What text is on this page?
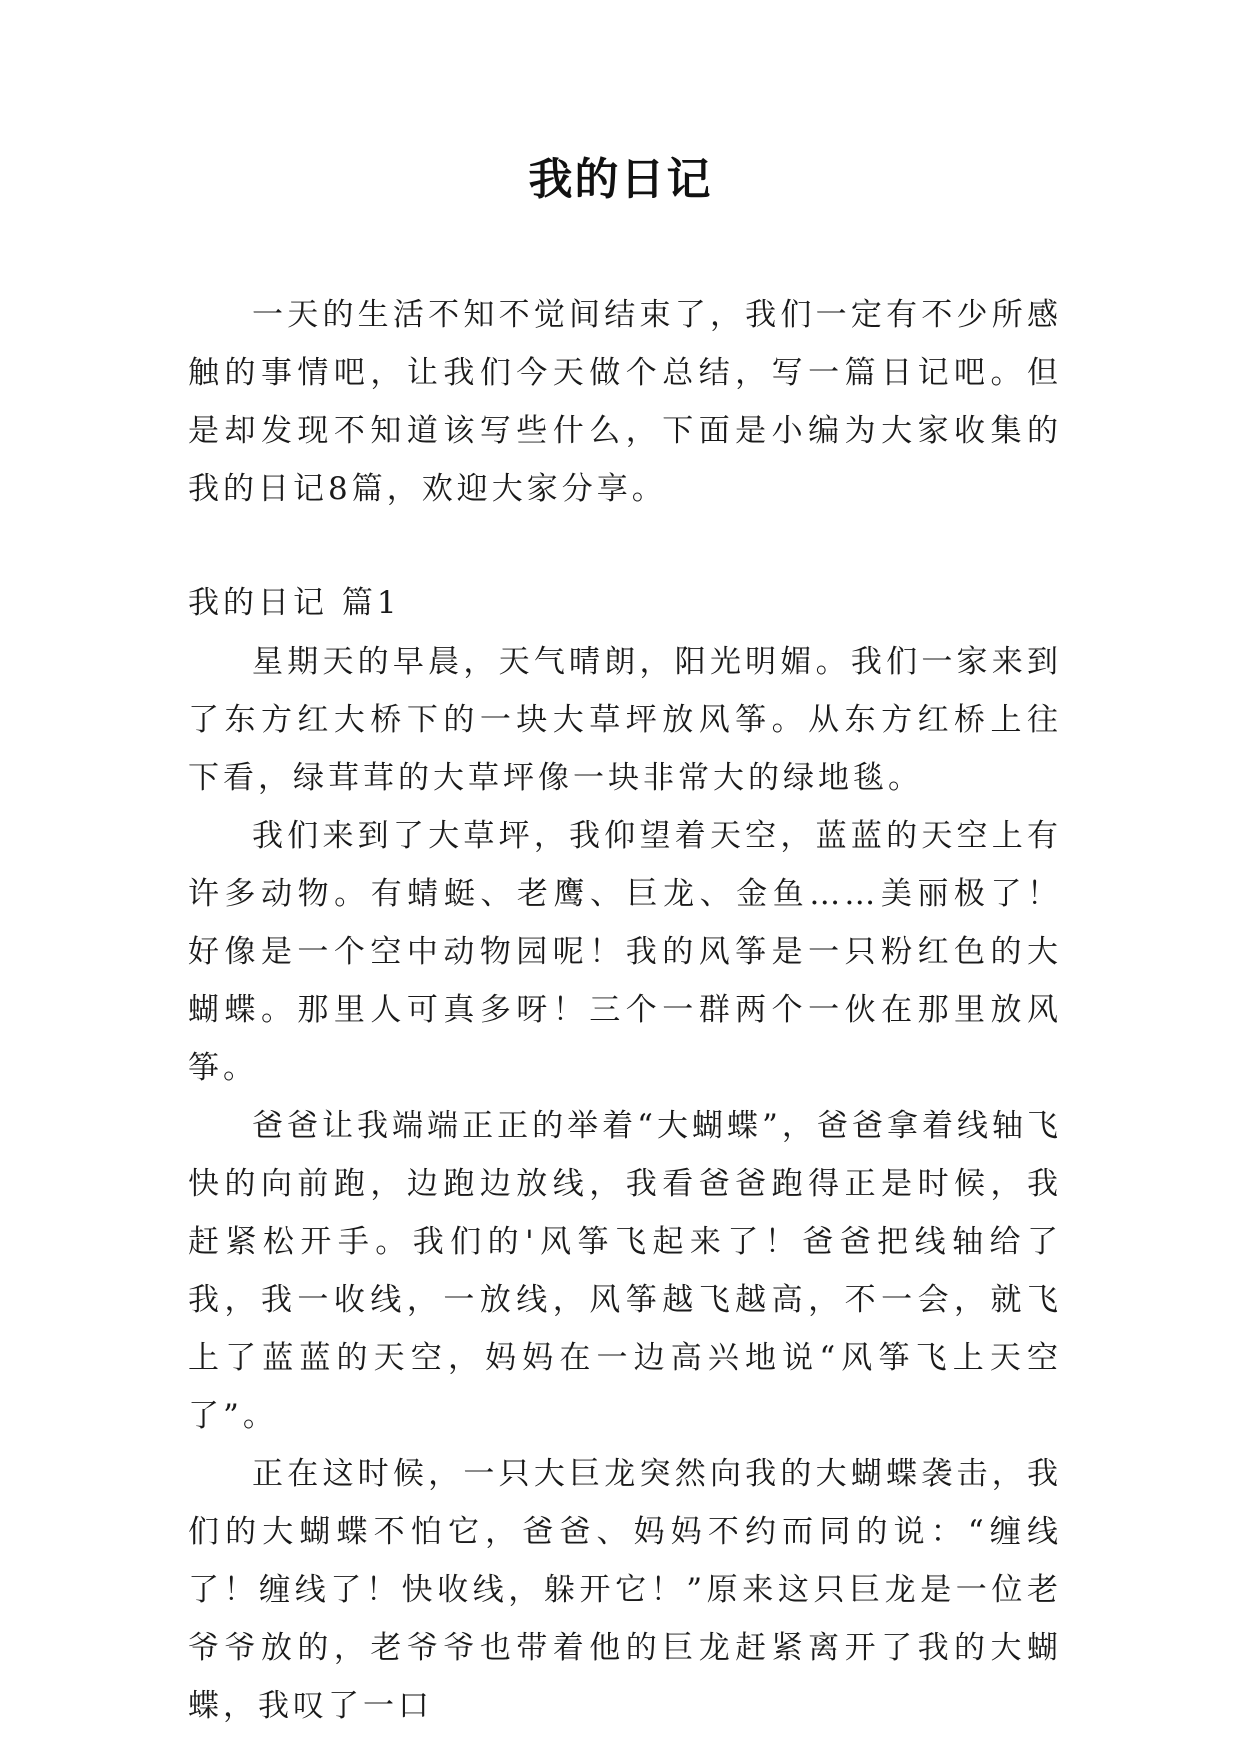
我的日记

一天的生活不知不觉间结束了，我们一定有不少所感触的事情吧，让我们今天做个总结，写一篇日记吧。但是却发现不知道该写些什么，下面是小编为大家收集的我的日记8篇，欢迎大家分享。

我的日记 篇1

星期天的早晨，天气晴朗，阳光明媚。我们一家来到了东方红大桥下的一块大草坪放风筝。从东方红桥上往下看，绿茸茸的大草坪像一块非常大的绿地毯。

我们来到了大草坪，我仰望着天空，蓝蓝的天空上有许多动物。有蜻蜓、老鹰、巨龙、金鱼……美丽极了！好像是一个空中动物园呢！我的风筝是一只粉红色的大蝴蝶。那里人可真多呀！三个一群两个一伙在那里放风筝。

爸爸让我端端正正的举着“大蝴蝶”，爸爸拿着线轴飞快的向前跑，边跑边放线，我看爸爸跑得正是时候，我赶紧松开手。我们的'风筝飞起来了！爸爸把线轴给了我，我一收线，一放线，风筝越飞越高，不一会，就飞上了蓝蓝的天空，妈妈在一边高兴地说“风筝飞上天空了”。

正在这时候，一只大巨龙突然向我的大蝴蝶袭击，我们的大蝴蝶不怕它，爸爸、妈妈不约而同的说：“缠线了！缠线了！快收线，躲开它！”原来这只巨龙是一位老爷爷放的，老爷爷也带着他的巨龙赶紧离开了我的大蝴蝶，我叹了一口
